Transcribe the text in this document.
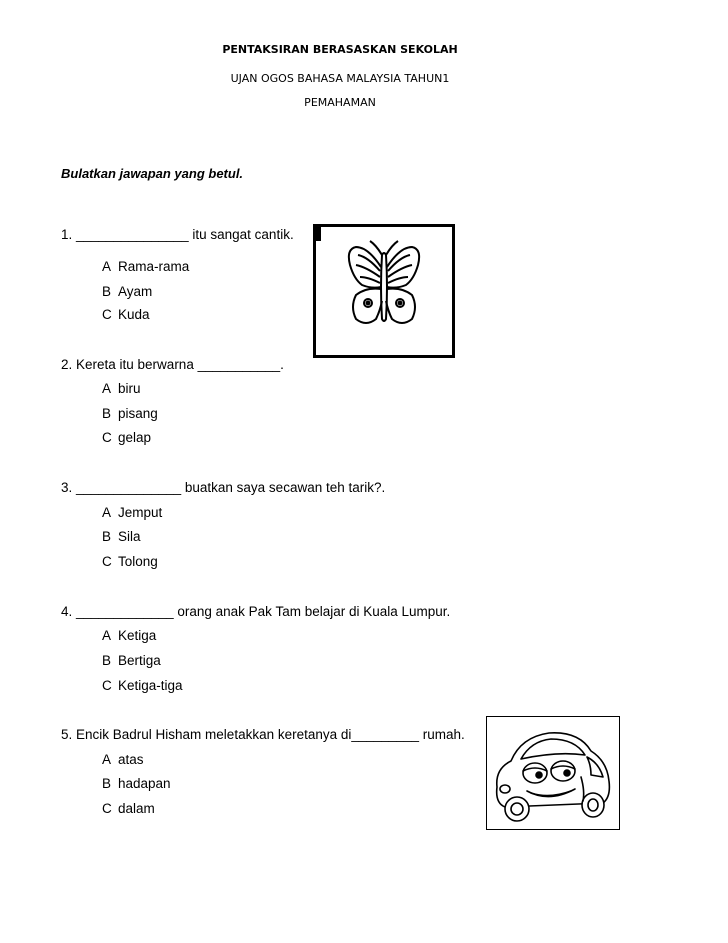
PENTAKSIRAN BERASASKAN SEKOLAH
UJAN OGOS BAHASA MALAYSIA TAHUN1
PEMAHAMAN
Bulatkan jawapan yang betul.
1. _______________ itu sangat cantik.
A Rama-rama
B Ayam
C Kuda
2. Kereta itu berwarna ___________.
A biru
B pisang
C gelap
3. ______________ buatkan saya secawan teh tarik?.
A Jemput
B Sila
C Tolong
4. _____________ orang anak Pak Tam belajar di Kuala Lumpur.
A Ketiga
B Bertiga
C Ketiga-tiga
5. Encik Badrul Hisham meletakkan keretanya di_________ rumah.
A atas
B hadapan
C dalam
